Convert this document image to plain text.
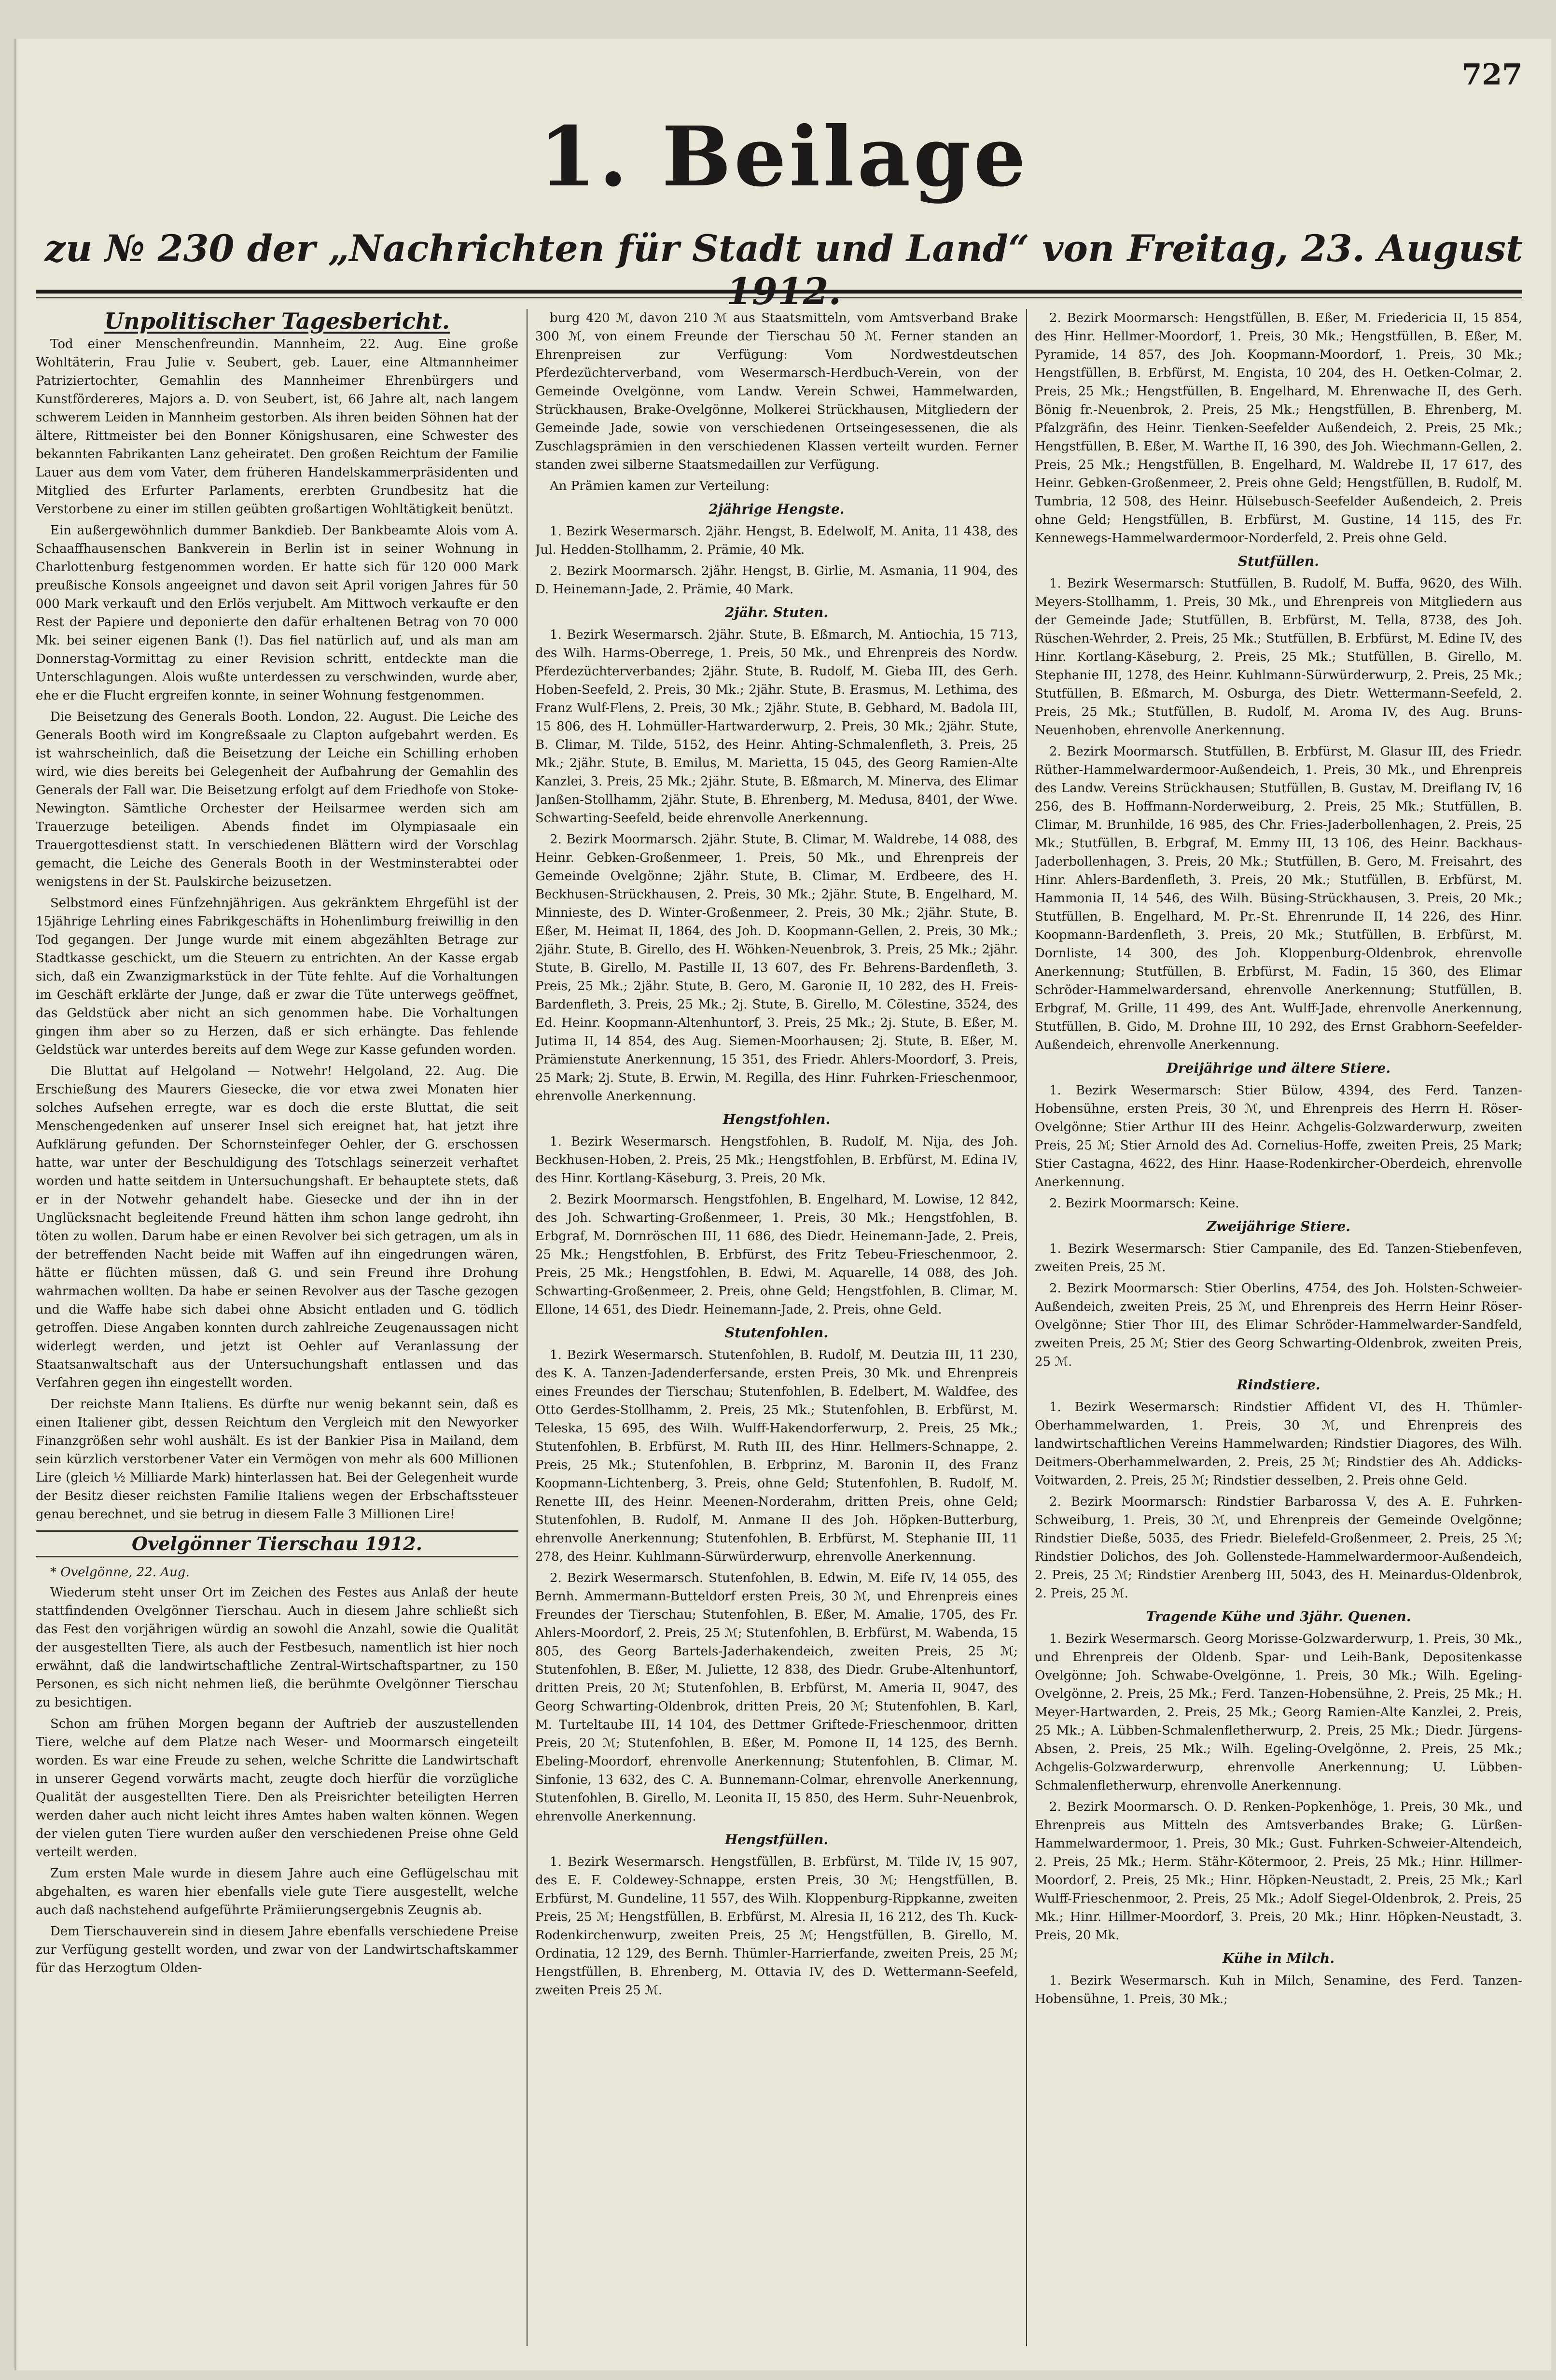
727
1. Beilage
zu № 230 der „Nachrichten für Stadt und Land“ von Freitag, 23. August 1912.
Unpolitischer Tagesbericht.

Tod einer Menschenfreundin. Mannheim, 22. Aug. Eine große Wohltäterin, Frau Julie v. Seubert, geb. Lauer, eine Altmannheimer Patriziertochter, Gemahlin des Mannheimer Ehrenbürgers und Kunstfördereres, Majors a. D. von Seubert, ist, 66 Jahre alt, nach langem schwerem Leiden in Mannheim gestorben. Als ihren beiden Söhnen hat der ältere, Rittmeister bei den Bonner Königshusaren, eine Schwester des bekannten Fabrikanten Lanz geheiratet. Den großen Reichtum der Familie Lauer aus dem vom Vater, dem früheren Handelskammerpräsidenten und Mitglied des Erfurter Parlaments, ererbten Grundbesitz hat die Verstorbene zu einer im stillen geübten großartigen Wohltätigkeit benützt.

Ein außergewöhnlich dummer Bankdieb. Der Bankbeamte Alois vom A. Schaaffhausenschen Bankverein in Berlin ist in seiner Wohnung in Charlottenburg festgenommen worden. Er hatte sich für 120 000 Mark preußische Konsols angeeignet und davon seit April vorigen Jahres für 50 000 Mark verkauft und den Erlös verjubelt. Am Mittwoch verkaufte er den Rest der Papiere und deponierte den dafür erhaltenen Betrag von 70 000 Mk. bei seiner eigenen Bank (!). Das fiel natürlich auf, und als man am Donnerstag-Vormittag zu einer Revision schritt, entdeckte man die Unterschlagungen. Alois wußte unterdessen zu verschwinden, wurde aber, ehe er die Flucht ergreifen konnte, in seiner Wohnung festgenommen.

Die Beisetzung des Generals Booth. London, 22. August. Die Leiche des Generals Booth wird im Kongreßsaale zu Clapton aufgebahrt werden. Es ist wahrscheinlich, daß die Beisetzung der Leiche ein Schilling erhoben wird, wie dies bereits bei Gelegenheit der Aufbahrung der Gemahlin des Generals der Fall war. Die Beisetzung erfolgt auf dem Friedhofe von Stoke-Newington. Sämtliche Orchester der Heilsarmee werden sich am Trauerzuge beteiligen. Abends findet im Olympiasaale ein Trauergottesdienst statt. In verschiedenen Blättern wird der Vorschlag gemacht, die Leiche des Generals Booth in der Westminsterabtei oder wenigstens in der St. Paulskirche beizusetzen.

Selbstmord eines Fünfzehnjährigen. Aus gekränktem Ehrgefühl ist der 15jährige Lehrling eines Fabrikgeschäfts in Hohenlimburg freiwillig in den Tod gegangen. Der Junge wurde mit einem abgezählten Betrage zur Stadtkasse geschickt, um die Steuern zu entrichten. An der Kasse ergab sich, daß ein Zwanzigmarkstück in der Tüte fehlte. Auf die Vorhaltungen im Geschäft erklärte der Junge, daß er zwar die Tüte unterwegs geöffnet, das Geldstück aber nicht an sich genommen habe. Die Vorhaltungen gingen ihm aber so zu Herzen, daß er sich erhängte. Das fehlende Geldstück war unterdes bereits auf dem Wege zur Kasse gefunden worden.

Die Bluttat auf Helgoland — Notwehr! Helgoland, 22. Aug. Die Erschießung des Maurers Giesecke, die vor etwa zwei Monaten hier solches Aufsehen erregte, war es doch die erste Bluttat, die seit Menschengedenken auf unserer Insel sich ereignet hat, hat jetzt ihre Aufklärung gefunden. Der Schornsteinfeger Oehler, der G. erschossen hatte, war unter der Beschuldigung des Totschlags seinerzeit verhaftet worden und hatte seitdem in Untersuchungshaft. Er behauptete stets, daß er in der Notwehr gehandelt habe. Giesecke und der ihn in der Unglücksnacht begleitende Freund hätten ihm schon lange gedroht, ihn töten zu wollen. Darum habe er einen Revolver bei sich getragen, um als in der betreffenden Nacht beide mit Waffen auf ihn eingedrungen wären, hätte er flüchten müssen, daß G. und sein Freund ihre Drohung wahrmachen wollten. Da habe er seinen Revolver aus der Tasche gezogen und die Waffe habe sich dabei ohne Absicht entladen und G. tödlich getroffen. Diese Angaben konnten durch zahlreiche Zeugenaussagen nicht widerlegt werden, und jetzt ist Oehler auf Veranlassung der Staatsanwaltschaft aus der Untersuchungshaft entlassen und das Verfahren gegen ihn eingestellt worden.

Der reichste Mann Italiens. Es dürfte nur wenig bekannt sein, daß es einen Italiener gibt, dessen Reichtum den Vergleich mit den Newyorker Finanzgrößen sehr wohl aushält. Es ist der Bankier Pisa in Mailand, dem sein kürzlich verstorbener Vater ein Vermögen von mehr als 600 Millionen Lire (gleich ½ Milliarde Mark) hinterlassen hat. Bei der Gelegenheit wurde der Besitz dieser reichsten Familie Italiens wegen der Erbschaftssteuer genau berechnet, und sie betrug in diesem Falle 3 Millionen Lire!

Ovelgönner Tierschau 1912.
* Ovelgönne, 22. Aug.

Wiederum steht unser Ort im Zeichen des Festes aus Anlaß der heute stattfindenden Ovelgönner Tierschau. Auch in diesem Jahre schließt sich das Fest den vorjährigen würdig an sowohl die Anzahl, sowie die Qualität der ausgestellten Tiere, als auch der Festbesuch, namentlich ist hier noch erwähnt, daß die landwirtschaftliche Zentral-Wirtschaftspartner, zu 150 Personen, es sich nicht nehmen ließ, die berühmte Ovelgönner Tierschau zu besichtigen.

Schon am frühen Morgen begann der Auftrieb der auszustellenden Tiere, welche auf dem Platze nach Weser- und Moormarsch eingeteilt worden. Es war eine Freude zu sehen, welche Schritte die Landwirtschaft in unserer Gegend vorwärts macht, zeugte doch hierfür die vorzügliche Qualität der ausgestellten Tiere. Den als Preisrichter beteiligten Herren werden daher auch nicht leicht ihres Amtes haben walten können. Wegen der vielen guten Tiere wurden außer den verschiedenen Preise ohne Geld verteilt werden.

Zum ersten Male wurde in diesem Jahre auch eine Geflügelschau mit abgehalten, es waren hier ebenfalls viele gute Tiere ausgestellt, welche auch daß nachstehend aufgeführte Prämiierungsergebnis Zeugnis ab.

Dem Tierschauverein sind in diesem Jahre ebenfalls verschiedene Preise zur Verfügung gestellt worden, und zwar von der Landwirtschaftskammer für das Herzogtum Olden-

burg 420 ℳ, davon 210 ℳ aus Staatsmitteln, vom Amtsverband Brake 300 ℳ, von einem Freunde der Tierschau 50 ℳ. Ferner standen an Ehrenpreisen zur Verfügung: Vom Nordwestdeutschen Pferdezüchterverband, vom Wesermarsch-Herdbuch-Verein, von der Gemeinde Ovelgönne, vom Landw. Verein Schwei, Hammelwarden, Strückhausen, Brake-Ovelgönne, Molkerei Strückhausen, Mitgliedern der Gemeinde Jade, sowie von verschiedenen Ortseingesessenen, die als Zuschlagsprämien in den verschiedenen Klassen verteilt wurden. Ferner standen zwei silberne Staatsmedaillen zur Verfügung.

An Prämien kamen zur Verteilung:

2jährige Hengste.

1. Bezirk Wesermarsch. 2jähr. Hengst, B. Edelwolf, M. Anita, 11 438, des Jul. Hedden-Stollhamm, 2. Prämie, 40 Mk.

2. Bezirk Moormarsch. 2jähr. Hengst, B. Girlie, M. Asmania, 11 904, des D. Heinemann-Jade, 2. Prämie, 40 Mark.

2jähr. Stuten.

1. Bezirk Wesermarsch. 2jähr. Stute, B. Eßmarch, M. Antiochia, 15 713, des Wilh. Harms-Oberrege, 1. Preis, 50 Mk., und Ehrenpreis des Nordw. Pferdezüchterverbandes; 2jähr. Stute, B. Rudolf, M. Gieba III, des Gerh. Hoben-Seefeld, 2. Preis, 30 Mk.; 2jähr. Stute, B. Erasmus, M. Lethima, des Franz Wulf-Flens, 2. Preis, 30 Mk.; 2jähr. Stute, B. Gebhard, M. Badola III, 15 806, des H. Lohmüller-Hartwarderwurp, 2. Preis, 30 Mk.; 2jähr. Stute, B. Climar, M. Tilde, 5152, des Heinr. Ahting-Schmalenfleth, 3. Preis, 25 Mk.; 2jähr. Stute, B. Emilus, M. Marietta, 15 045, des Georg Ramien-Alte Kanzlei, 3. Preis, 25 Mk.; 2jähr. Stute, B. Eßmarch, M. Minerva, des Elimar Janßen-Stollhamm, 2jähr. Stute, B. Ehrenberg, M. Medusa, 8401, der Wwe. Schwarting-Seefeld, beide ehrenvolle Anerkennung.

2. Bezirk Moormarsch. 2jähr. Stute, B. Climar, M. Waldrebe, 14 088, des Heinr. Gebken-Großenmeer, 1. Preis, 50 Mk., und Ehrenpreis der Gemeinde Ovelgönne; 2jähr. Stute, B. Climar, M. Erdbeere, des H. Beckhusen-Strückhausen, 2. Preis, 30 Mk.; 2jähr. Stute, B. Engelhard, M. Minnieste, des D. Winter-Großenmeer, 2. Preis, 30 Mk.; 2jähr. Stute, B. Eßer, M. Heimat II, 1864, des Joh. D. Koopmann-Gellen, 2. Preis, 30 Mk.; 2jähr. Stute, B. Girello, des H. Wöhken-Neuenbrok, 3. Preis, 25 Mk.; 2jähr. Stute, B. Girello, M. Pastille II, 13 607, des Fr. Behrens-Bardenfleth, 3. Preis, 25 Mk.; 2jähr. Stute, B. Gero, M. Garonie II, 10 282, des H. Freis-Bardenfleth, 3. Preis, 25 Mk.; 2j. Stute, B. Girello, M. Cölestine, 3524, des Ed. Heinr. Koopmann-Altenhuntorf, 3. Preis, 25 Mk.; 2j. Stute, B. Eßer, M. Jutima II, 14 854, des Aug. Siemen-Moorhausen; 2j. Stute, B. Eßer, M. Prämienstute Anerkennung, 15 351, des Friedr. Ahlers-Moordorf, 3. Preis, 25 Mark; 2j. Stute, B. Erwin, M. Regilla, des Hinr. Fuhrken-Frieschenmoor, ehrenvolle Anerkennung.

Hengstfohlen.

1. Bezirk Wesermarsch. Hengstfohlen, B. Rudolf, M. Nija, des Joh. Beckhusen-Hoben, 2. Preis, 25 Mk.; Hengstfohlen, B. Erbfürst, M. Edina IV, des Hinr. Kortlang-Käseburg, 3. Preis, 20 Mk.

2. Bezirk Moormarsch. Hengstfohlen, B. Engelhard, M. Lowise, 12 842, des Joh. Schwarting-Großenmeer, 1. Preis, 30 Mk.; Hengstfohlen, B. Erbgraf, M. Dornröschen III, 11 686, des Diedr. Heinemann-Jade, 2. Preis, 25 Mk.; Hengstfohlen, B. Erbfürst, des Fritz Tebeu-Frieschenmoor, 2. Preis, 25 Mk.; Hengstfohlen, B. Edwi, M. Aquarelle, 14 088, des Joh. Schwarting-Großenmeer, 2. Preis, ohne Geld; Hengstfohlen, B. Climar, M. Ellone, 14 651, des Diedr. Heinemann-Jade, 2. Preis, ohne Geld.

Stutenfohlen.

1. Bezirk Wesermarsch. Stutenfohlen, B. Rudolf, M. Deutzia III, 11 230, des K. A. Tanzen-Jadenderfersande, ersten Preis, 30 Mk. und Ehrenpreis eines Freundes der Tierschau; Stutenfohlen, B. Edelbert, M. Waldfee, des Otto Gerdes-Stollhamm, 2. Preis, 25 Mk.; Stutenfohlen, B. Erbfürst, M. Teleska, 15 695, des Wilh. Wulff-Hakendorferwurp, 2. Preis, 25 Mk.; Stutenfohlen, B. Erbfürst, M. Ruth III, des Hinr. Hellmers-Schnappe, 2. Preis, 25 Mk.; Stutenfohlen, B. Erbprinz, M. Baronin II, des Franz Koopmann-Lichtenberg, 3. Preis, ohne Geld; Stutenfohlen, B. Rudolf, M. Renette III, des Heinr. Meenen-Norderahm, dritten Preis, ohne Geld; Stutenfohlen, B. Rudolf, M. Anmane II des Joh. Höpken-Butterburg, ehrenvolle Anerkennung; Stutenfohlen, B. Erbfürst, M. Stephanie III, 11 278, des Heinr. Kuhlmann-Sürwürderwurp, ehrenvolle Anerkennung.

2. Bezirk Wesermarsch. Stutenfohlen, B. Edwin, M. Eife IV, 14 055, des Bernh. Ammermann-Butteldorf ersten Preis, 30 ℳ, und Ehrenpreis eines Freundes der Tierschau; Stutenfohlen, B. Eßer, M. Amalie, 1705, des Fr. Ahlers-Moordorf, 2. Preis, 25 ℳ; Stutenfohlen, B. Erbfürst, M. Wabenda, 15 805, des Georg Bartels-Jaderhakendeich, zweiten Preis, 25 ℳ; Stutenfohlen, B. Eßer, M. Juliette, 12 838, des Diedr. Grube-Altenhuntorf, dritten Preis, 20 ℳ; Stutenfohlen, B. Erbfürst, M. Ameria II, 9047, des Georg Schwarting-Oldenbrok, dritten Preis, 20 ℳ; Stutenfohlen, B. Karl, M. Turteltaube III, 14 104, des Dettmer Griftede-Frieschenmoor, dritten Preis, 20 ℳ; Stutenfohlen, B. Eßer, M. Pomone II, 14 125, des Bernh. Ebeling-Moordorf, ehrenvolle Anerkennung; Stutenfohlen, B. Climar, M. Sinfonie, 13 632, des C. A. Bunnemann-Colmar, ehrenvolle Anerkennung, Stutenfohlen, B. Girello, M. Leonita II, 15 850, des Herm. Suhr-Neuenbrok, ehrenvolle Anerkennung.

Hengstfüllen.

1. Bezirk Wesermarsch. Hengstfüllen, B. Erbfürst, M. Tilde IV, 15 907, des E. F. Coldewey-Schnappe, ersten Preis, 30 ℳ; Hengstfüllen, B. Erbfürst, M. Gundeline, 11 557, des Wilh. Kloppenburg-Rippkanne, zweiten Preis, 25 ℳ; Hengstfüllen, B. Erbfürst, M. Alresia II, 16 212, des Th. Kuck-Rodenkirchenwurp, zweiten Preis, 25 ℳ; Hengstfüllen, B. Girello, M. Ordinatia, 12 129, des Bernh. Thümler-Harrierfande, zweiten Preis, 25 ℳ; Hengstfüllen, B. Ehrenberg, M. Ottavia IV, des D. Wettermann-Seefeld, zweiten Preis 25 ℳ.

2. Bezirk Moormarsch: Hengstfüllen, B. Eßer, M. Friedericia II, 15 854, des Hinr. Hellmer-Moordorf, 1. Preis, 30 Mk.; Hengstfüllen, B. Eßer, M. Pyramide, 14 857, des Joh. Koopmann-Moordorf, 1. Preis, 30 Mk.; Hengstfüllen, B. Erbfürst, M. Engista, 10 204, des H. Oetken-Colmar, 2. Preis, 25 Mk.; Hengstfüllen, B. Engelhard, M. Ehrenwache II, des Gerh. Bönig fr.-Neuenbrok, 2. Preis, 25 Mk.; Hengstfüllen, B. Ehrenberg, M. Pfalzgräfin, des Heinr. Tienken-Seefelder Außendeich, 2. Preis, 25 Mk.; Hengstfüllen, B. Eßer, M. Warthe II, 16 390, des Joh. Wiechmann-Gellen, 2. Preis, 25 Mk.; Hengstfüllen, B. Engelhard, M. Waldrebe II, 17 617, des Heinr. Gebken-Großenmeer, 2. Preis ohne Geld; Hengstfüllen, B. Rudolf, M. Tumbria, 12 508, des Heinr. Hülsebusch-Seefelder Außendeich, 2. Preis ohne Geld; Hengstfüllen, B. Erbfürst, M. Gustine, 14 115, des Fr. Kennewegs-Hammelwardermoor-Norderfeld, 2. Preis ohne Geld.

Stutfüllen.

1. Bezirk Wesermarsch: Stutfüllen, B. Rudolf, M. Buffa, 9620, des Wilh. Meyers-Stollhamm, 1. Preis, 30 Mk., und Ehrenpreis von Mitgliedern aus der Gemeinde Jade; Stutfüllen, B. Erbfürst, M. Tella, 8738, des Joh. Rüschen-Wehrder, 2. Preis, 25 Mk.; Stutfüllen, B. Erbfürst, M. Edine IV, des Hinr. Kortlang-Käseburg, 2. Preis, 25 Mk.; Stutfüllen, B. Girello, M. Stephanie III, 1278, des Heinr. Kuhlmann-Sürwürderwurp, 2. Preis, 25 Mk.; Stutfüllen, B. Eßmarch, M. Osburga, des Dietr. Wettermann-Seefeld, 2. Preis, 25 Mk.; Stutfüllen, B. Rudolf, M. Aroma IV, des Aug. Bruns-Neuenhoben, ehrenvolle Anerkennung.

2. Bezirk Moormarsch. Stutfüllen, B. Erbfürst, M. Glasur III, des Friedr. Rüther-Hammelwardermoor-Außendeich, 1. Preis, 30 Mk., und Ehrenpreis des Landw. Vereins Strückhausen; Stutfüllen, B. Gustav, M. Dreiflang IV, 16 256, des B. Hoffmann-Norderweiburg, 2. Preis, 25 Mk.; Stutfüllen, B. Climar, M. Brunhilde, 16 985, des Chr. Fries-Jaderbollenhagen, 2. Preis, 25 Mk.; Stutfüllen, B. Erbgraf, M. Emmy III, 13 106, des Heinr. Backhaus-Jaderbollenhagen, 3. Preis, 20 Mk.; Stutfüllen, B. Gero, M. Freisahrt, des Hinr. Ahlers-Bardenfleth, 3. Preis, 20 Mk.; Stutfüllen, B. Erbfürst, M. Hammonia II, 14 546, des Wilh. Büsing-Strückhausen, 3. Preis, 20 Mk.; Stutfüllen, B. Engelhard, M. Pr.-St. Ehrenrunde II, 14 226, des Hinr. Koopmann-Bardenfleth, 3. Preis, 20 Mk.; Stutfüllen, B. Erbfürst, M. Dornliste, 14 300, des Joh. Kloppenburg-Oldenbrok, ehrenvolle Anerkennung; Stutfüllen, B. Erbfürst, M. Fadin, 15 360, des Elimar Schröder-Hammelwardersand, ehrenvolle Anerkennung; Stutfüllen, B. Erbgraf, M. Grille, 11 499, des Ant. Wulff-Jade, ehrenvolle Anerkennung, Stutfüllen, B. Gido, M. Drohne III, 10 292, des Ernst Grabhorn-Seefelder-Außendeich, ehrenvolle Anerkennung.

Dreijährige und ältere Stiere.

1. Bezirk Wesermarsch: Stier Bülow, 4394, des Ferd. Tanzen-Hobensühne, ersten Preis, 30 ℳ, und Ehrenpreis des Herrn H. Röser-Ovelgönne; Stier Arthur III des Heinr. Achgelis-Golzwarderwurp, zweiten Preis, 25 ℳ; Stier Arnold des Ad. Cornelius-Hoffe, zweiten Preis, 25 Mark; Stier Castagna, 4622, des Hinr. Haase-Rodenkircher-Oberdeich, ehrenvolle Anerkennung.

2. Bezirk Moormarsch: Keine.

Zweijährige Stiere.

1. Bezirk Wesermarsch: Stier Campanile, des Ed. Tanzen-Stiebenfeven, zweiten Preis, 25 ℳ.

2. Bezirk Moormarsch: Stier Oberlins, 4754, des Joh. Holsten-Schweier-Außendeich, zweiten Preis, 25 ℳ, und Ehrenpreis des Herrn Heinr Röser-Ovelgönne; Stier Thor III, des Elimar Schröder-Hammelwarder-Sandfeld, zweiten Preis, 25 ℳ; Stier des Georg Schwarting-Oldenbrok, zweiten Preis, 25 ℳ.

Rindstiere.

1. Bezirk Wesermarsch: Rindstier Affident VI, des H. Thümler-Oberhammelwarden, 1. Preis, 30 ℳ, und Ehrenpreis des landwirtschaftlichen Vereins Hammelwarden; Rindstier Diagores, des Wilh. Deitmers-Oberhammelwarden, 2. Preis, 25 ℳ; Rindstier des Ah. Addicks-Voitwarden, 2. Preis, 25 ℳ; Rindstier desselben, 2. Preis ohne Geld.

2. Bezirk Moormarsch: Rindstier Barbarossa V, des A. E. Fuhrken-Schweiburg, 1. Preis, 30 ℳ, und Ehrenpreis der Gemeinde Ovelgönne; Rindstier Dieße, 5035, des Friedr. Bielefeld-Großenmeer, 2. Preis, 25 ℳ; Rindstier Dolichos, des Joh. Gollenstede-Hammelwardermoor-Außendeich, 2. Preis, 25 ℳ; Rindstier Arenberg III, 5043, des H. Meinardus-Oldenbrok, 2. Preis, 25 ℳ.

Tragende Kühe und 3jähr. Quenen.

1. Bezirk Wesermarsch. Georg Morisse-Golzwarderwurp, 1. Preis, 30 Mk., und Ehrenpreis der Oldenb. Spar- und Leih-Bank, Depositenkasse Ovelgönne; Joh. Schwabe-Ovelgönne, 1. Preis, 30 Mk.; Wilh. Egeling-Ovelgönne, 2. Preis, 25 Mk.; Ferd. Tanzen-Hobensühne, 2. Preis, 25 Mk.; H. Meyer-Hartwarden, 2. Preis, 25 Mk.; Georg Ramien-Alte Kanzlei, 2. Preis, 25 Mk.; A. Lübben-Schmalenfletherwurp, 2. Preis, 25 Mk.; Diedr. Jürgens-Absen, 2. Preis, 25 Mk.; Wilh. Egeling-Ovelgönne, 2. Preis, 25 Mk.; Achgelis-Golzwarderwurp, ehrenvolle Anerkennung; U. Lübben-Schmalenfletherwurp, ehrenvolle Anerkennung.

2. Bezirk Moormarsch. O. D. Renken-Popkenhöge, 1. Preis, 30 Mk., und Ehrenpreis aus Mitteln des Amtsverbandes Brake; G. Lürßen-Hammelwardermoor, 1. Preis, 30 Mk.; Gust. Fuhrken-Schweier-Altendeich, 2. Preis, 25 Mk.; Herm. Stähr-Kötermoor, 2. Preis, 25 Mk.; Hinr. Hillmer-Moordorf, 2. Preis, 25 Mk.; Hinr. Höpken-Neustadt, 2. Preis, 25 Mk.; Karl Wulff-Frieschenmoor, 2. Preis, 25 Mk.; Adolf Siegel-Oldenbrok, 2. Preis, 25 Mk.; Hinr. Hillmer-Moordorf, 3. Preis, 20 Mk.; Hinr. Höpken-Neustadt, 3. Preis, 20 Mk.

Kühe in Milch.

1. Bezirk Wesermarsch. Kuh in Milch, Senamine, des Ferd. Tanzen-Hobensühne, 1. Preis, 30 Mk.;
